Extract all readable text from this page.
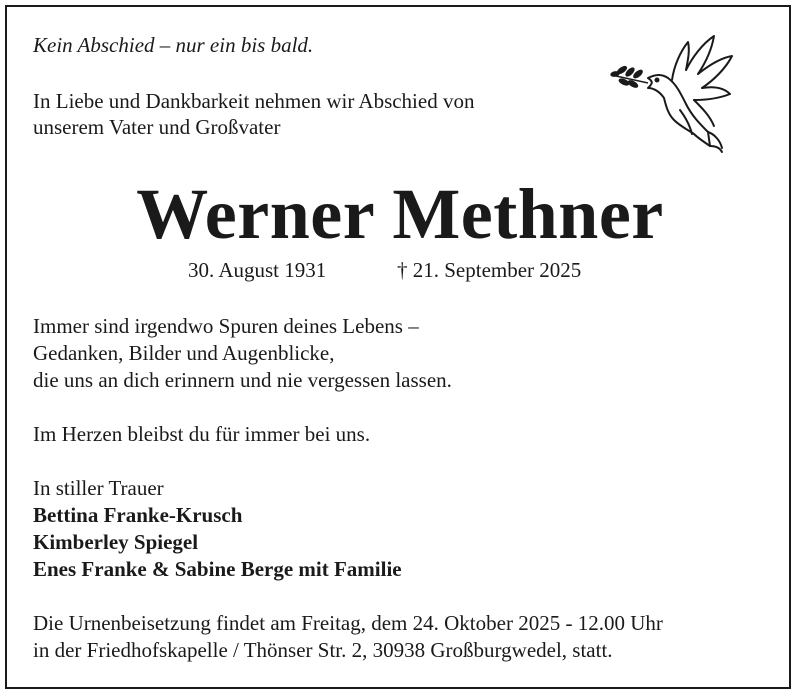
Kein Abschied – nur ein bis bald.
In Liebe und Dankbarkeit nehmen wir Abschied von
unserem Vater und Großvater
Werner Methner
30. August 1931	† 21. September 2025
Immer sind irgendwo Spuren deines Lebens –
Gedanken, Bilder und Augenblicke,
die uns an dich erinnern und nie vergessen lassen.
Im Herzen bleibst du für immer bei uns.
In stiller Trauer
Bettina Franke-Krusch
Kimberley Spiegel
Enes Franke & Sabine Berge mit Familie
Die Urnenbeisetzung findet am Freitag, dem 24. Oktober 2025 - 12.00 Uhr
in der Friedhofskapelle / Thönser Str. 2, 30938 Großburgwedel, statt.
